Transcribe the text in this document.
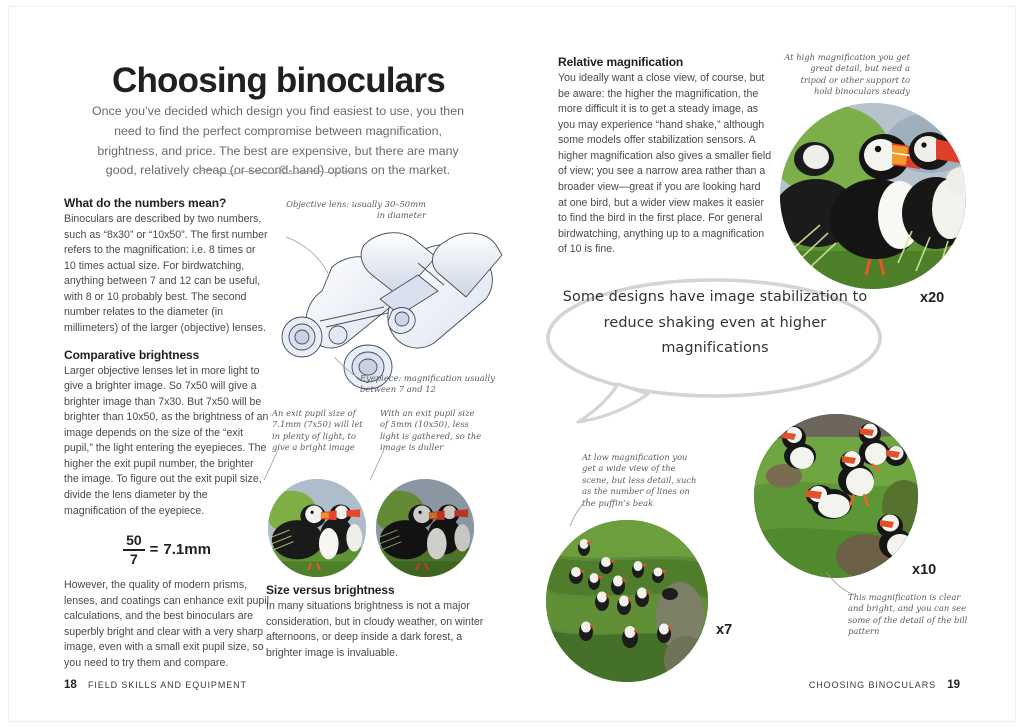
Choosing binoculars

Once you’ve decided which design you find easiest to use, you then need to find the perfect compromise between magnification, brightness, and price. The best are expensive, but there are many good, relatively cheap (or second-hand) options on the market.

What do the numbers mean?

Binoculars are described by two numbers, such as “8x30” or “10x50”. The first number refers to the magnification: i.e. 8 times or 10 times actual size. For birdwatching, anything between 7 and 12 can be useful, with 8 or 10 probably best. The second number relates to the diameter (in millimeters) of the larger (objective) lenses.

Comparative brightness

Larger objective lenses let in more light to give a brighter image. So 7x50 will give a brighter image than 7x30. But 7x50 will be brighter than 10x50, as the brightness of an image depends on the size of the “exit pupil,” the light entering the eyepieces. The higher the exit pupil number, the brighter the image. To figure out the exit pupil size, divide the lens diameter by the magnification of the eyepiece.

$\frac{50}{7} = 7.1mm$

However, the quality of modern prisms, lenses, and coatings can enhance exit pupil calculations, and the best binoculars are superbly bright and clear with a very sharp image, even with a small exit pupil size, so you need to try them and compare.

Objective lens: usually 30–50mm in diameter
Eyepiece: magnification usually between 7 and 12
An exit pupil size of 7.1mm (7x50) will let in plenty of light, to give a bright image
With an exit pupil size of 5mm (10x50), less light is gathered, so the image is duller
Size versus brightness

In many situations brightness is not a major consideration, but in cloudy weather, on winter afternoons, or deep inside a dark forest, a brighter image is invaluable.

Relative magnification

You ideally want a close view, of course, but be aware: the higher the magnification, the more difficult it is to get a steady image, as you may experience “hand shake,” although some models offer stabilization sensors. A higher magnification also gives a smaller field of view; you see a narrow area rather than a broader view—great if you are looking hard at one bird, but a wider view makes it easier to find the bird in the first place. For general birdwatching, anything up to a magnification of 10 is fine.

At high magnification you get great detail, but need a tripod or other support to hold binoculars steady
x20
Some designs have image stabilization to reduce shaking even at higher magnifications
At low magnification you get a wide view of the scene, but less detail, such as the number of lines on the puffin’s beak
x7
x10
This magnification is clear and bright, and you can see some of the detail of the bill pattern
18 FIELD SKILLS AND EQUIPMENT	CHOOSING BINOCULARS 19
